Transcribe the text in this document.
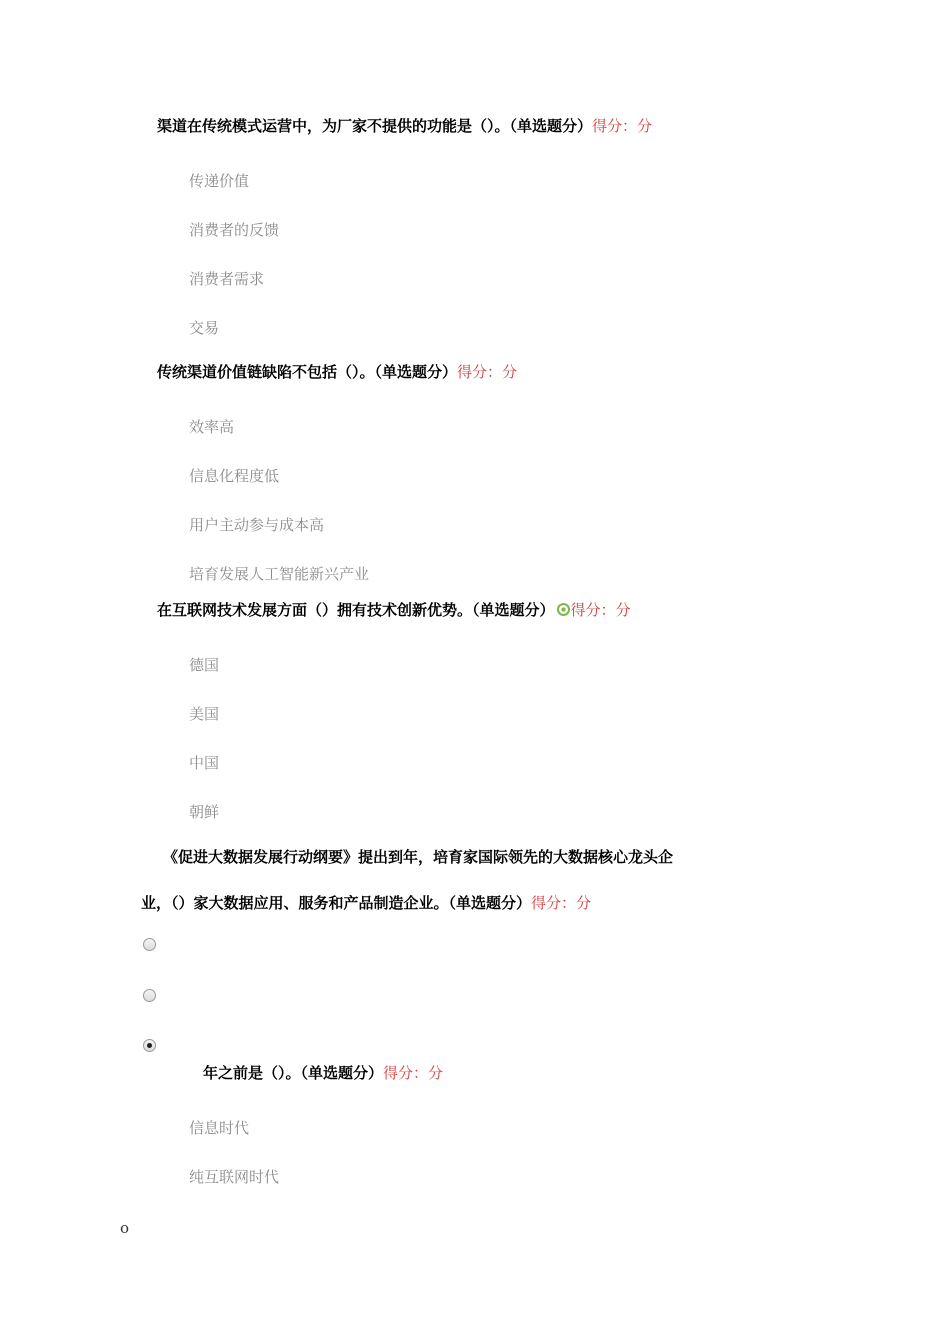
渠道在传统模式运营中，为厂家不提供的功能是（）。（单选题分）得分：分
传递价值
消费者的反馈
消费者需求
交易
传统渠道价值链缺陷不包括（）。（单选题分）得分：分
效率高
信息化程度低
用户主动参与成本高
培育发展人工智能新兴产业
在互联网技术发展方面（）拥有技术创新优势。（单选题分） 得分：分
德国
美国
中国
朝鲜
《促进大数据发展行动纲要》提出到年，培育家国际领先的大数据核心龙头企
业，（）家大数据应用、服务和产品制造企业。（单选题分）得分：分
年之前是（）。（单选题分）得分：分
信息时代
纯互联网时代
o
